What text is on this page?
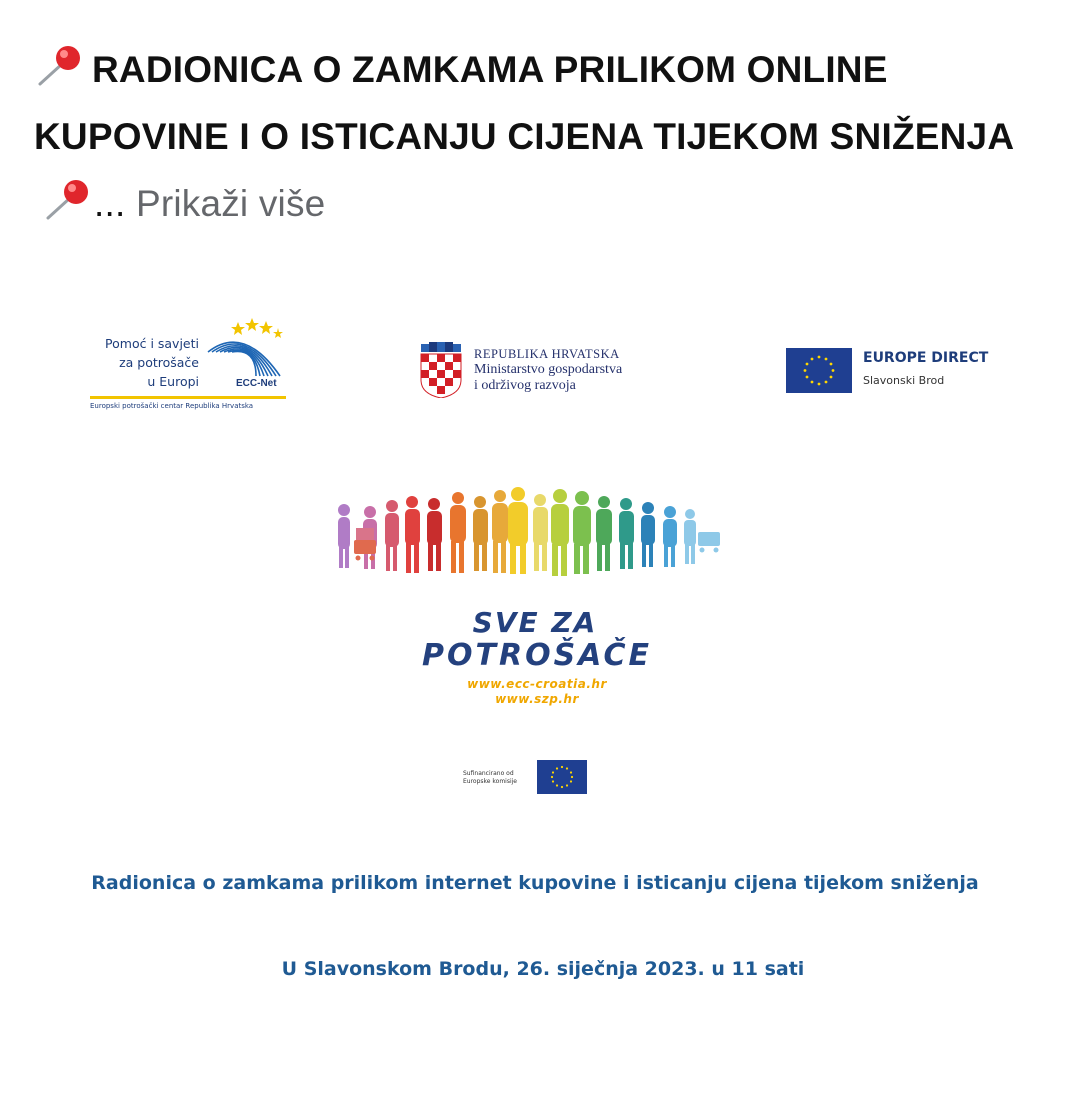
RADIONICA O ZAMKAMA PRILIKOM ONLINE KUPOVINE I O ISTICANJU CIJENA TIJEKOM SNIŽENJA... Prikaži više
Pomoć i savjeti
za potrošače
u Europi	ECC-Net
Europski potrošački centar Republika Hrvatska
REPUBLIKA HRVATSKA
Ministarstvo gospodarstva
i održivog razvoja
EUROPE DIRECT
Slavonski Brod
SVE ZA
POTROŠAČE
www.ecc-croatia.hr
www.szp.hr
Sufinancirano od
Europske komisije
Radionica o zamkama prilikom internet kupovine i isticanju cijena tijekom sniženja
U Slavonskom Brodu, 26. siječnja 2023. u 11 sati
